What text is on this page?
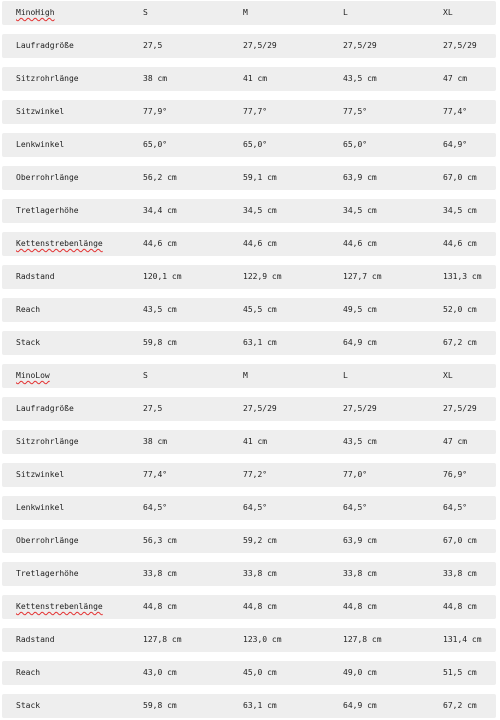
MinoHigh	S	M	L	XL
Laufradgröße	27,5	27,5/29	27,5/29	27,5/29
Sitzrohrlänge	38 cm	41 cm	43,5 cm	47 cm
Sitzwinkel	77,9°	77,7°	77,5°	77,4°
Lenkwinkel	65,0°	65,0°	65,0°	64,9°
Oberrohrlänge	56,2 cm	59,1 cm	63,9 cm	67,0 cm
Tretlagerhöhe	34,4 cm	34,5 cm	34,5 cm	34,5 cm
Kettenstrebenlänge	44,6 cm	44,6 cm	44,6 cm	44,6 cm
Radstand	120,1 cm	122,9 cm	127,7 cm	131,3 cm
Reach	43,5 cm	45,5 cm	49,5 cm	52,0 cm
Stack	59,8 cm	63,1 cm	64,9 cm	67,2 cm
MinoLow	S	M	L	XL
Laufradgröße	27,5	27,5/29	27,5/29	27,5/29
Sitzrohrlänge	38 cm	41 cm	43,5 cm	47 cm
Sitzwinkel	77,4°	77,2°	77,0°	76,9°
Lenkwinkel	64,5°	64,5°	64,5°	64,5°
Oberrohrlänge	56,3 cm	59,2 cm	63,9 cm	67,0 cm
Tretlagerhöhe	33,8 cm	33,8 cm	33,8 cm	33,8 cm
Kettenstrebenlänge	44,8 cm	44,8 cm	44,8 cm	44,8 cm
Radstand	127,8 cm	123,0 cm	127,8 cm	131,4 cm
Reach	43,0 cm	45,0 cm	49,0 cm	51,5 cm
Stack	59,8 cm	63,1 cm	64,9 cm	67,2 cm
